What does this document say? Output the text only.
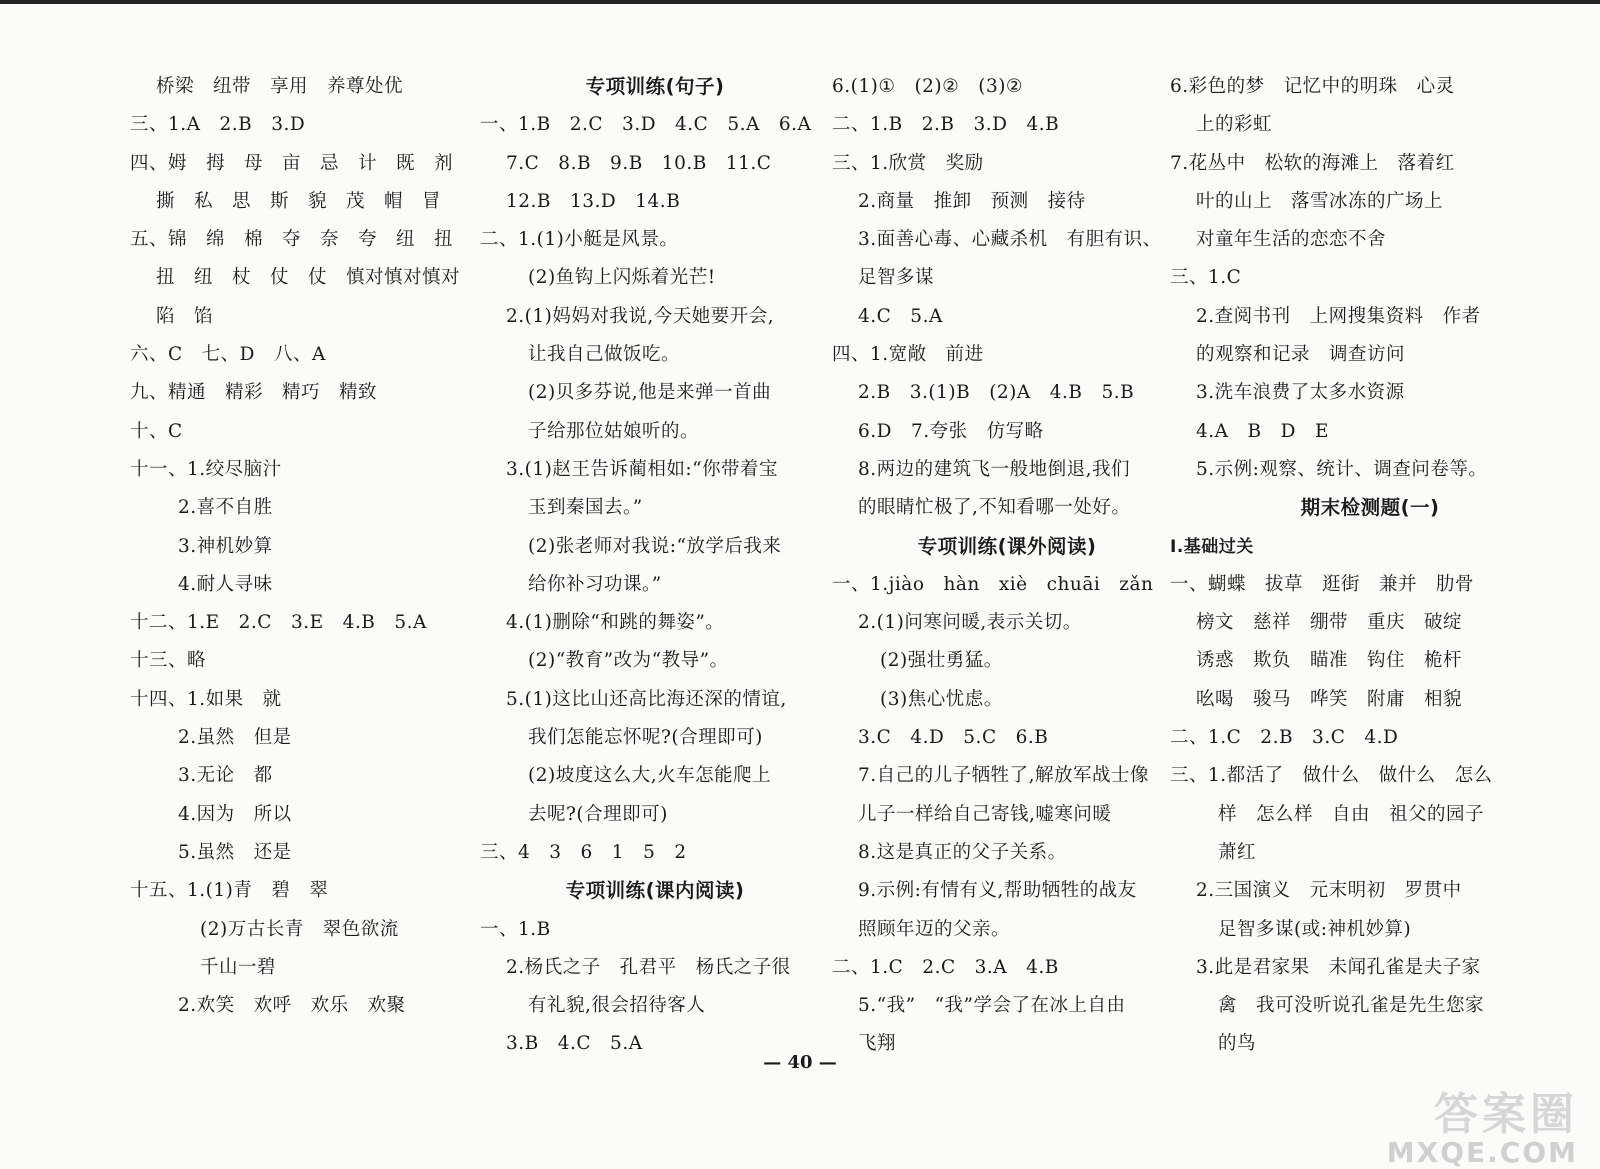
桥梁　纽带　享用　养尊处优
三、1.A　2.B　3.D
四、姆　拇　母　亩　忌　计　既　剂
撕　私　思　斯　貌　茂　帽　冒
五、锦　绵　棉　夺　奈　夸　纽　扭
扭　纽　杖　仗　仗　慎对慎对慎对
陷　馅
六、C　七、D　八、A
九、精通　精彩　精巧　精致
十、C
十一、1.绞尽脑汁
2.喜不自胜
3.神机妙算
4.耐人寻味
十二、1.E　2.C　3.E　4.B　5.A
十三、略
十四、1.如果　就
2.虽然　但是
3.无论　都
4.因为　所以
5.虽然　还是
十五、1.(1)青　碧　翠
(2)万古长青　翠色欲流
千山一碧
2.欢笑　欢呼　欢乐　欢聚
专项训练(句子)
一、1.B　2.C　3.D　4.C　5.A　6.A
7.C　8.B　9.B　10.B　11.C
12.B　13.D　14.B
二、1.(1)小艇是风景。
(2)鱼钩上闪烁着光芒!
2.(1)妈妈对我说,今天她要开会,
让我自己做饭吃。
(2)贝多芬说,他是来弹一首曲
子给那位姑娘听的。
3.(1)赵王告诉蔺相如:“你带着宝
玉到秦国去。”
(2)张老师对我说:“放学后我来
给你补习功课。”
4.(1)删除“和跳的舞姿”。
(2)“教育”改为“教导”。
5.(1)这比山还高比海还深的情谊,
我们怎能忘怀呢?(合理即可)
(2)坡度这么大,火车怎能爬上
去呢?(合理即可)
三、4　3　6　1　5　2
专项训练(课内阅读)
一、1.B
2.杨氏之子　孔君平　杨氏之子很
有礼貌,很会招待客人
3.B　4.C　5.A
6.(1)①　(2)②　(3)②
二、1.B　2.B　3.D　4.B
三、1.欣赏　奖励
2.商量　推卸　预测　接待
3.面善心毒、心藏杀机　有胆有识、
足智多谋
4.C　5.A
四、1.宽敞　前进
2.B　3.(1)B　(2)A　4.B　5.B
6.D　7.夸张　仿写略
8.两边的建筑飞一般地倒退,我们
的眼睛忙极了,不知看哪一处好。
专项训练(课外阅读)
一、1.jiào　hàn　xiè　chuāi　zǎn
2.(1)问寒问暖,表示关切。
(2)强壮勇猛。
(3)焦心忧虑。
3.C　4.D　5.C　6.B
7.自己的儿子牺牲了,解放军战士像
儿子一样给自己寄钱,嘘寒问暖
8.这是真正的父子关系。
9.示例:有情有义,帮助牺牲的战友
照顾年迈的父亲。
二、1.C　2.C　3.A　4.B
5.“我”　“我”学会了在冰上自由
飞翔
6.彩色的梦　记忆中的明珠　心灵
上的彩虹
7.花丛中　松软的海滩上　落着红
叶的山上　落雪冰冻的广场上
对童年生活的恋恋不舍
三、1.C
2.查阅书刊　上网搜集资料　作者
的观察和记录　调查访问
3.洗车浪费了太多水资源
4.A　B　D　E
5.示例:观察、统计、调查问卷等。
期末检测题(一)
Ⅰ.基础过关
一、蝴蝶　拔草　逛街　兼并　肋骨
榜文　慈祥　绷带　重庆　破绽
诱惑　欺负　瞄准　钩住　桅杆
吆喝　骏马　哗笑　附庸　相貌
二、1.C　2.B　3.C　4.D
三、1.都活了　做什么　做什么　怎么
样　怎么样　自由　祖父的园子
萧红
2.三国演义　元末明初　罗贯中
足智多谋(或:神机妙算)
3.此是君家果　未闻孔雀是夫子家
禽　我可没听说孔雀是先生您家
的鸟
— 40 —
答案圈
MXQE.COM
